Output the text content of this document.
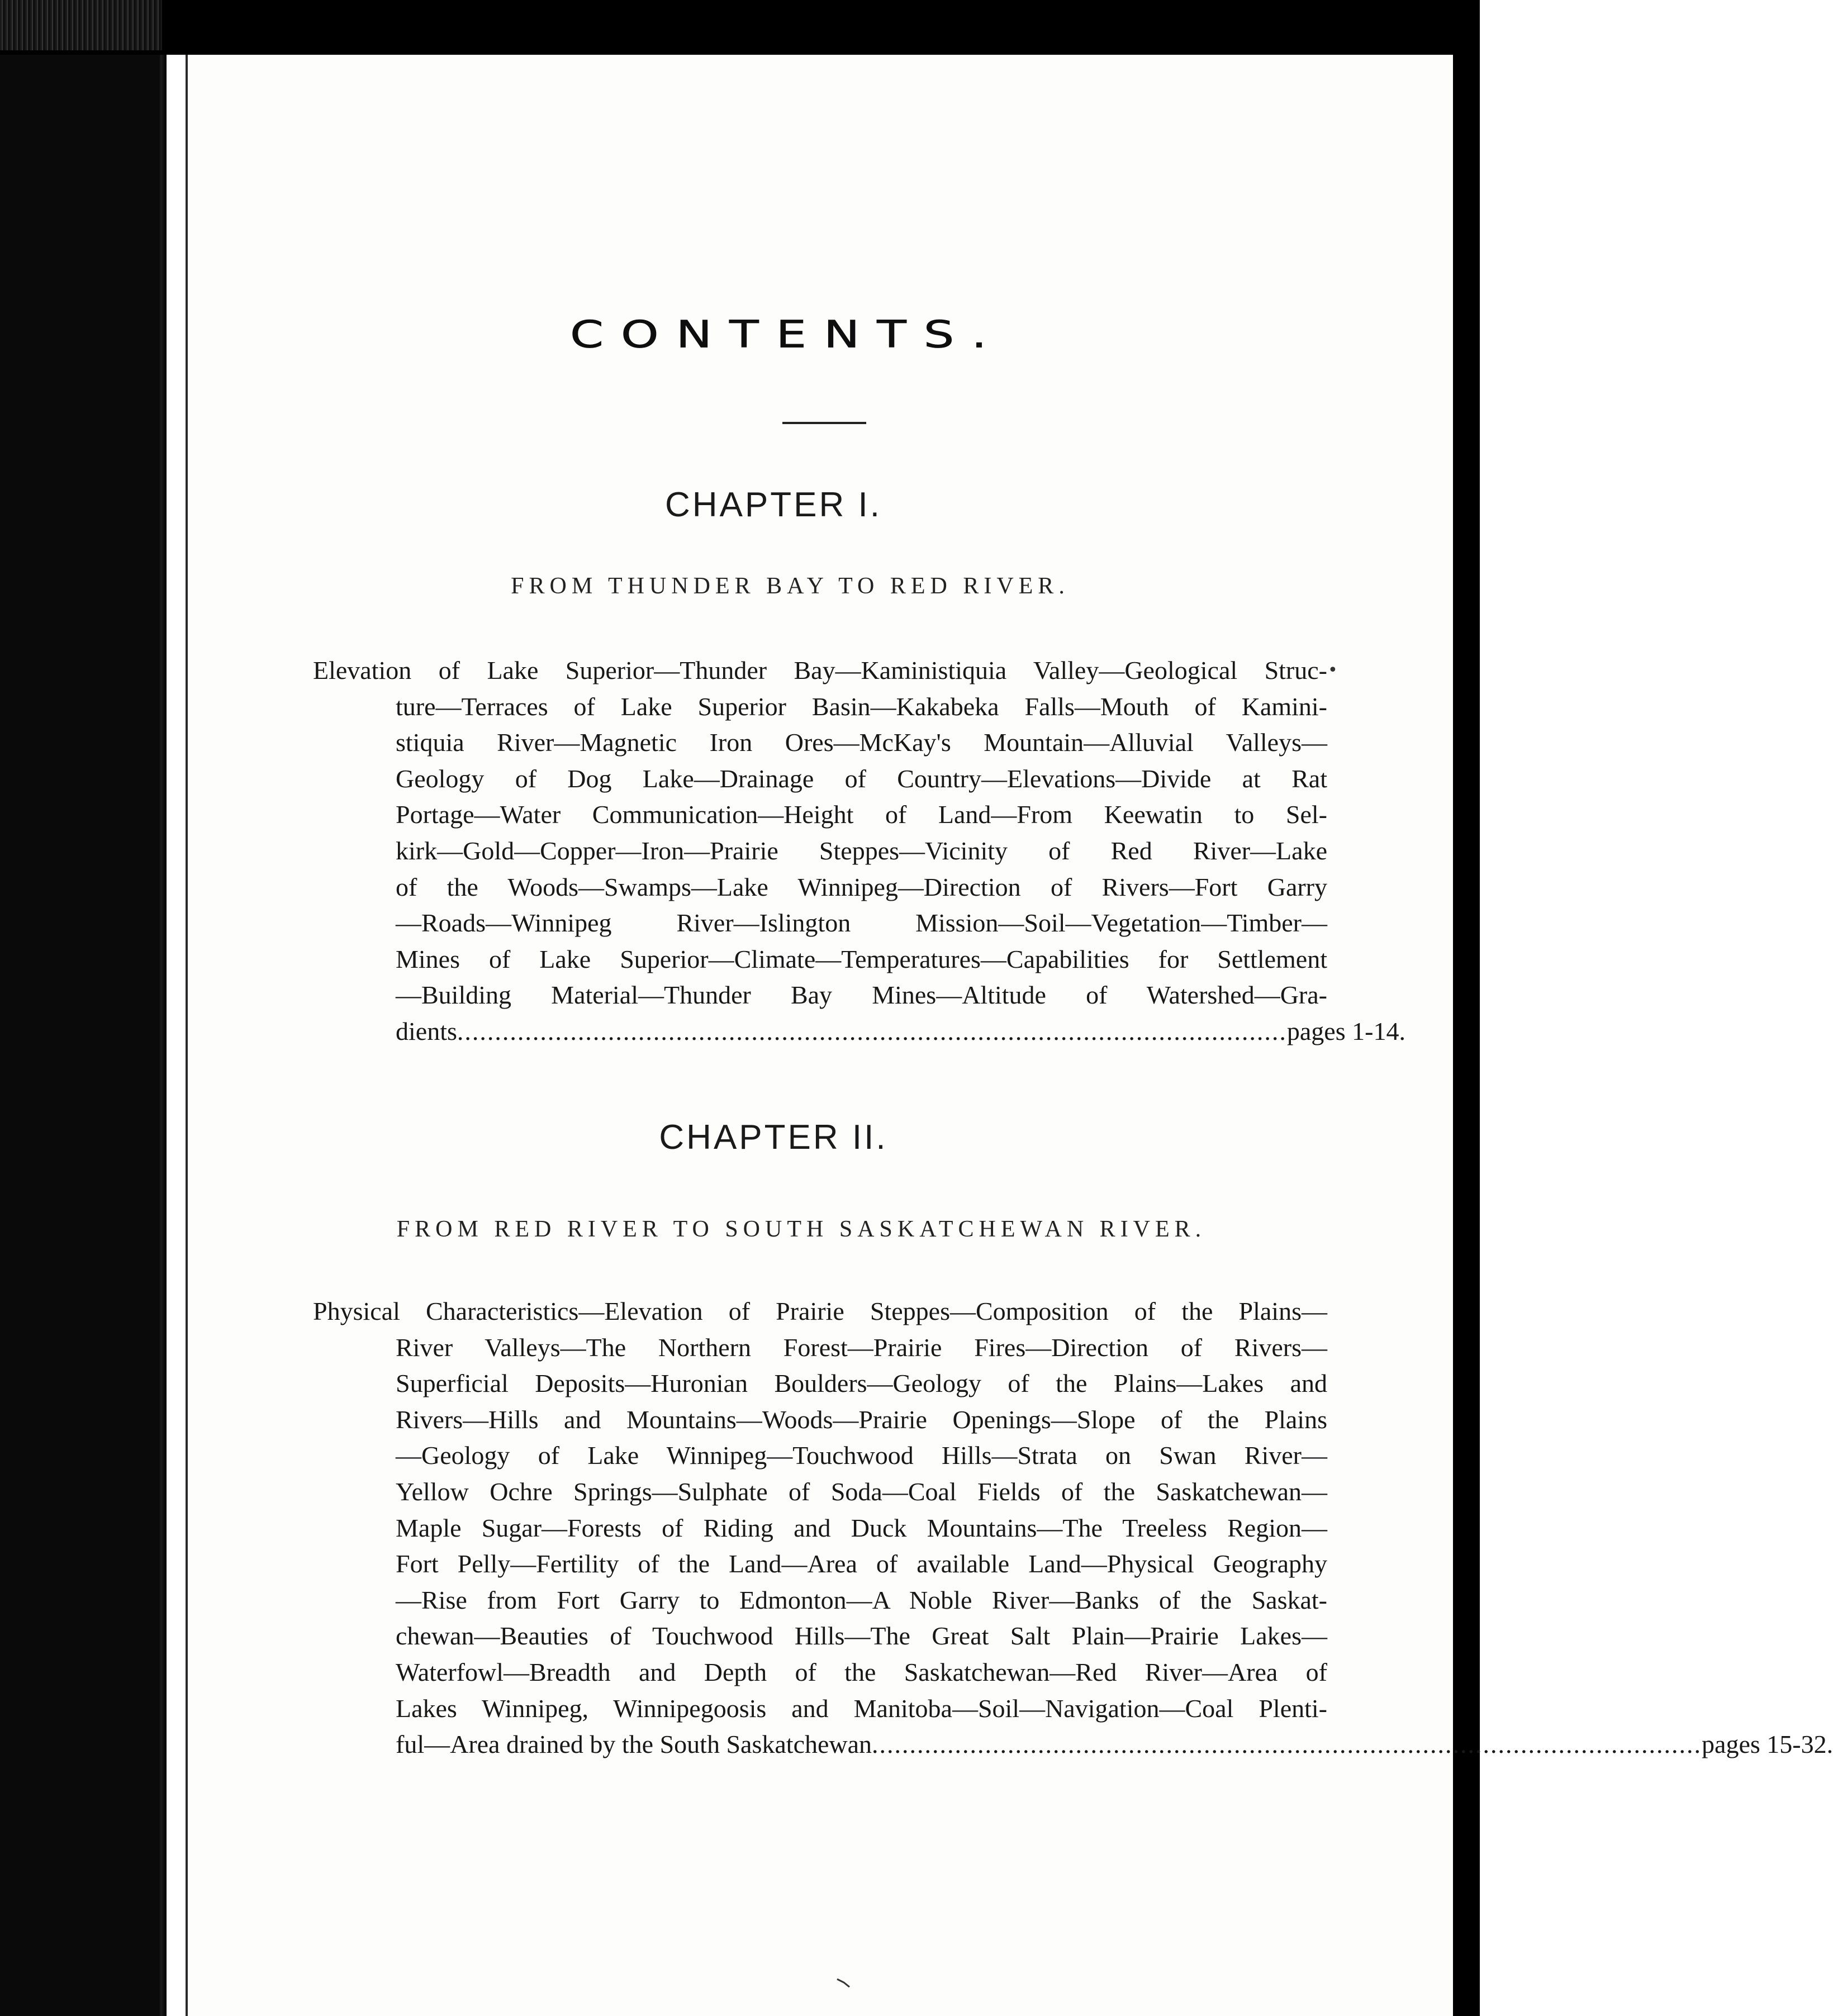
CONTENTS.
CHAPTER I.
FROM THUNDER BAY TO RED RIVER.
Elevation of Lake Superior—Thunder Bay—Kaministiquia Valley—Geological Struc-
ture—Terraces of Lake Superior Basin—Kakabeka Falls—Mouth of Kamini-
stiquia River—Magnetic Iron Ores—McKay's Mountain—Alluvial Valleys—
Geology of Dog Lake—Drainage of Country—Elevations—Divide at Rat
Portage—Water Communication—Height of Land—From Keewatin to Sel-
kirk—Gold—Copper—Iron—Prairie Steppes—Vicinity of Red River—Lake
of the Woods—Swamps—Lake Winnipeg—Direction of Rivers—Fort Garry
—Roads—Winnipeg River—Islington Mission—Soil—Vegetation—Timber—
Mines of Lake Superior—Climate—Temperatures—Capabilities for Settlement
—Building Material—Thunder Bay Mines—Altitude of Watershed—Gra-
dients .............................................................................................................. pages 1-14.
•
CHAPTER II.
FROM RED RIVER TO SOUTH SASKATCHEWAN RIVER.
Physical Characteristics—Elevation of Prairie Steppes—Composition of the Plains—
River Valleys—The Northern Forest—Prairie Fires—Direction of Rivers—
Superficial Deposits—Huronian Boulders—Geology of the Plains—Lakes and
Rivers—Hills and Mountains—Woods—Prairie Openings—Slope of the Plains
—Geology of Lake Winnipeg—Touchwood Hills—Strata on Swan River—
Yellow Ochre Springs—Sulphate of Soda—Coal Fields of the Saskatchewan—
Maple Sugar—Forests of Riding and Duck Mountains—The Treeless Region—
Fort Pelly—Fertility of the Land—Area of available Land—Physical Geography
—Rise from Fort Garry to Edmonton—A Noble River—Banks of the Saskat-
chewan—Beauties of Touchwood Hills—The Great Salt Plain—Prairie Lakes—
Waterfowl—Breadth and Depth of the Saskatchewan—Red River—Area of
Lakes Winnipeg, Winnipegoosis and Manitoba—Soil—Navigation—Coal Plenti-
ful—Area drained by the South Saskatchewan .............................................................................................................. pages 15-32.
